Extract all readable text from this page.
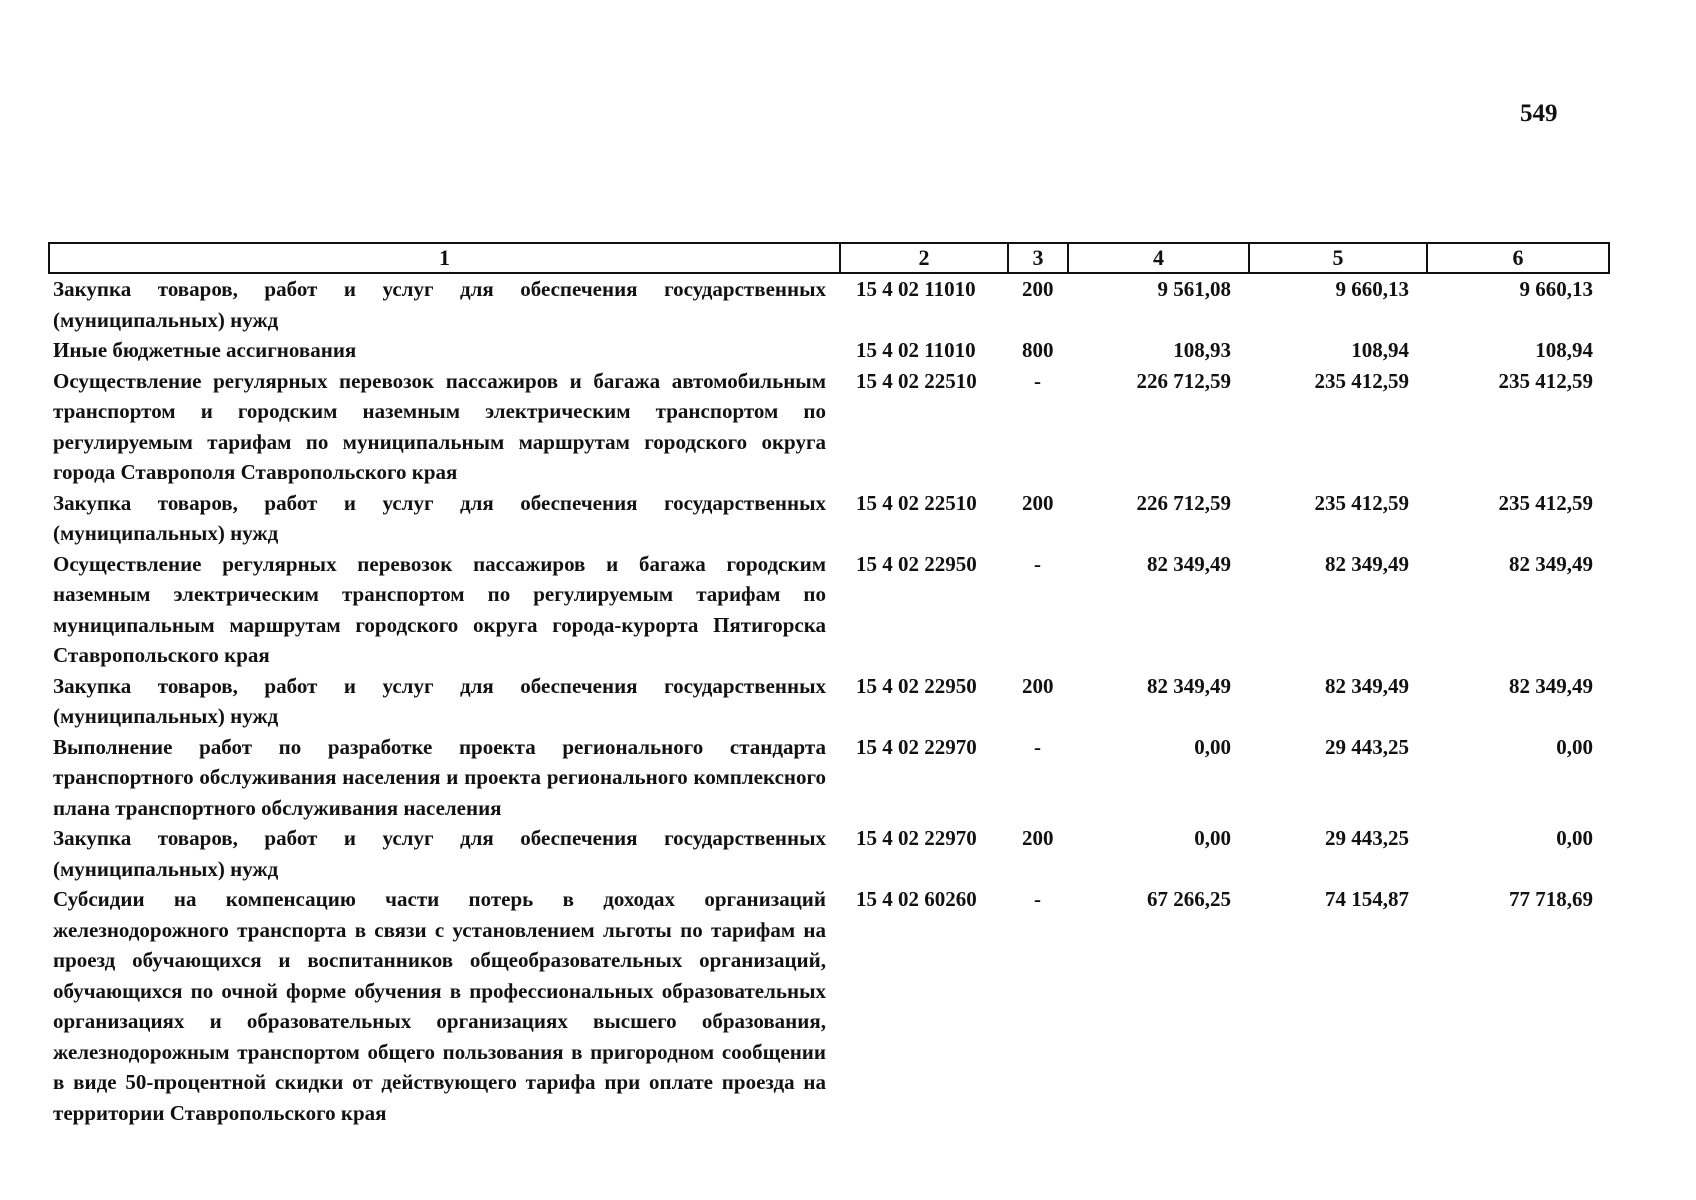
549
1	2	3	4	5	6
Закупка товаров, работ и услуг для обеспечения государственных (муниципальных) нужд	15 4 02 11010	200	9 561,08	9 660,13	9 660,13
Иные бюджетные ассигнования	15 4 02 11010	800	108,93	108,94	108,94
Осуществление регулярных перевозок пассажиров и багажа автомобильным транспортом и городским наземным электрическим транспортом по регулируемым тарифам по муниципальным маршрутам городского округа города Ставрополя Ставропольского края	15 4 02 22510	-	226 712,59	235 412,59	235 412,59
Закупка товаров, работ и услуг для обеспечения государственных (муниципальных) нужд	15 4 02 22510	200	226 712,59	235 412,59	235 412,59
Осуществление регулярных перевозок пассажиров и багажа городским наземным электрическим транспортом по регулируемым тарифам по муниципальным маршрутам городского округа города-курорта Пятигорска Ставропольского края	15 4 02 22950	-	82 349,49	82 349,49	82 349,49
Закупка товаров, работ и услуг для обеспечения государственных (муниципальных) нужд	15 4 02 22950	200	82 349,49	82 349,49	82 349,49
Выполнение работ по разработке проекта регионального стандарта транспортного обслуживания населения и проекта регионального комплексного плана транспортного обслуживания населения	15 4 02 22970	-	0,00	29 443,25	0,00
Закупка товаров, работ и услуг для обеспечения государственных (муниципальных) нужд	15 4 02 22970	200	0,00	29 443,25	0,00
Субсидии на компенсацию части потерь в доходах организаций железнодорожного транспорта в связи с установлением льготы по тарифам на проезд обучающихся и воспитанников общеобразовательных организаций, обучающихся по очной форме обучения в профессиональных образовательных организациях и образовательных организациях высшего образования, железнодорожным транспортом общего пользования в пригородном сообщении в виде 50-процентной скидки от действующего тарифа при оплате проезда на территории Ставропольского края	15 4 02 60260	-	67 266,25	74 154,87	77 718,69
